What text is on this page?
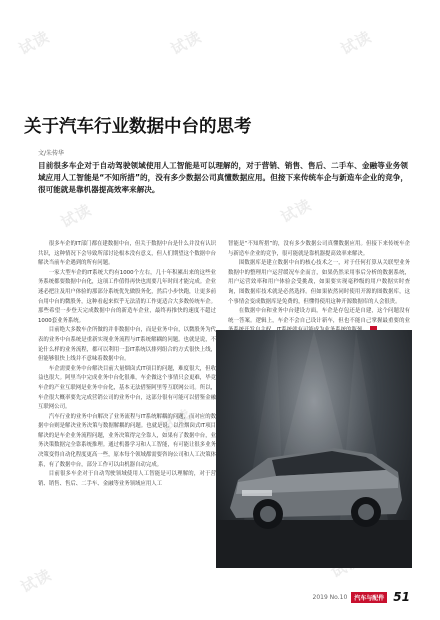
试读	试读	试读
试读	试读
试读
试读
关于汽车行业数据中台的思考
文/朱传华
目前很多车企对于自动驾驶领域使用人工智能是可以理解的，对于营销、销售、售后、二手车、金融等业务领域应用人工智能是“不知所措”的，没有多少数据公司真懂数据应用。但接下来传统车企与新造车企业的竞争，很可能就是靠机器提高效率来解决。

很多车企的IT部门都在建数据中台，但关于数据中台是什么并没有认识共识，这种情况下会导致所部讨论根本没有意义，但人们期望这个数据中台解决当前车企遇到的所有问题。

一家大型车企的IT系统大约有1000个左右，几十年积累出来的这些业务系统都要数据中台化，这项工作值得再快也需要几年时间才能完成。企业迷必把注及用户体验的那部分系统优先做股务化，然后小步快跑，让更多前台用中台的微股务，这种看起来似乎无法清的工作更适合大多数传统车企。那些希望一步登天完成数据中台的新造车企业，最终再推快的速度不超过1000套业务系统。

目前绝大多数车企所做的并非数据中台，而是业务中台，以微股务为代表的业务中台系统是重新实现业务流程与IT系统解耦的问题。也就是说，不论什么样的业务流程，都可以利用一套IT系统以排列组合的方式很快上线，但能够很快上线并不意味着数据中台。

车企需要业务中台解决目前大量烟囱式IT项目的问题，难度很大，但收益也很大。阿里当中完成业务中台化很难，车企做这个事情只会更难，毕竟车企的产业互联网是业务中台化，基本无法借鉴阿里等互联网公司。所以，车企很大概率要先完成营销公司的业务中台，这部分很有可能可以借鉴金融互联网公司。

汽车行业的业务中台解决了业务流程与IT系统解耦的问题，而对应的数据中台则是解决业务决策与数据解耦的问题。也就是说，以往烟囱式IT项目解决的是车企业务流程问题，业务决策得完全靠人，如果有了数据中台，业务决策数据完全靠系统推理。通过机器学习和人工智能，有可能让很多业务决策变得自动化程度更高一些，原本每个领域都需要咨询公司和人工决策体系，有了数据中台，部分工作可以由机器自动完成。

目前很多车企对于自动驾驶领域使用人工智能是可以理解的，对于营销、销售、售后、二手车、金融等业务领域应用人工

智能是“不知所措”的，没有多少数据公司真懂数据应用。但接下来传统车企与新造车企业的竞争，很可能就是靠机器提高效率来解决。

围数据库是建立数据中台的核心技术之一，对于任何打算从关联型业务数据中的整理用户运营缓况车企而言，如果仍然采用事后分析的数据系统，用户运营效率和用户体验会受挑战，如果要实现毫秒级的用户数据实时查询，图数据库技术就是必然选择。但如果依然同时使用开源的图数据库，这个事情会变成数据库是免费的，但懂得使用这种开源数据库的人会很贵。

在数据中台和业务中台建设方面，车企是存包还是自建，这个问题没有统一答案。逻辑上，车企不会自己设计新车，但也不能自己掌握最重要的业

2019 No.10	汽车与配件 51
